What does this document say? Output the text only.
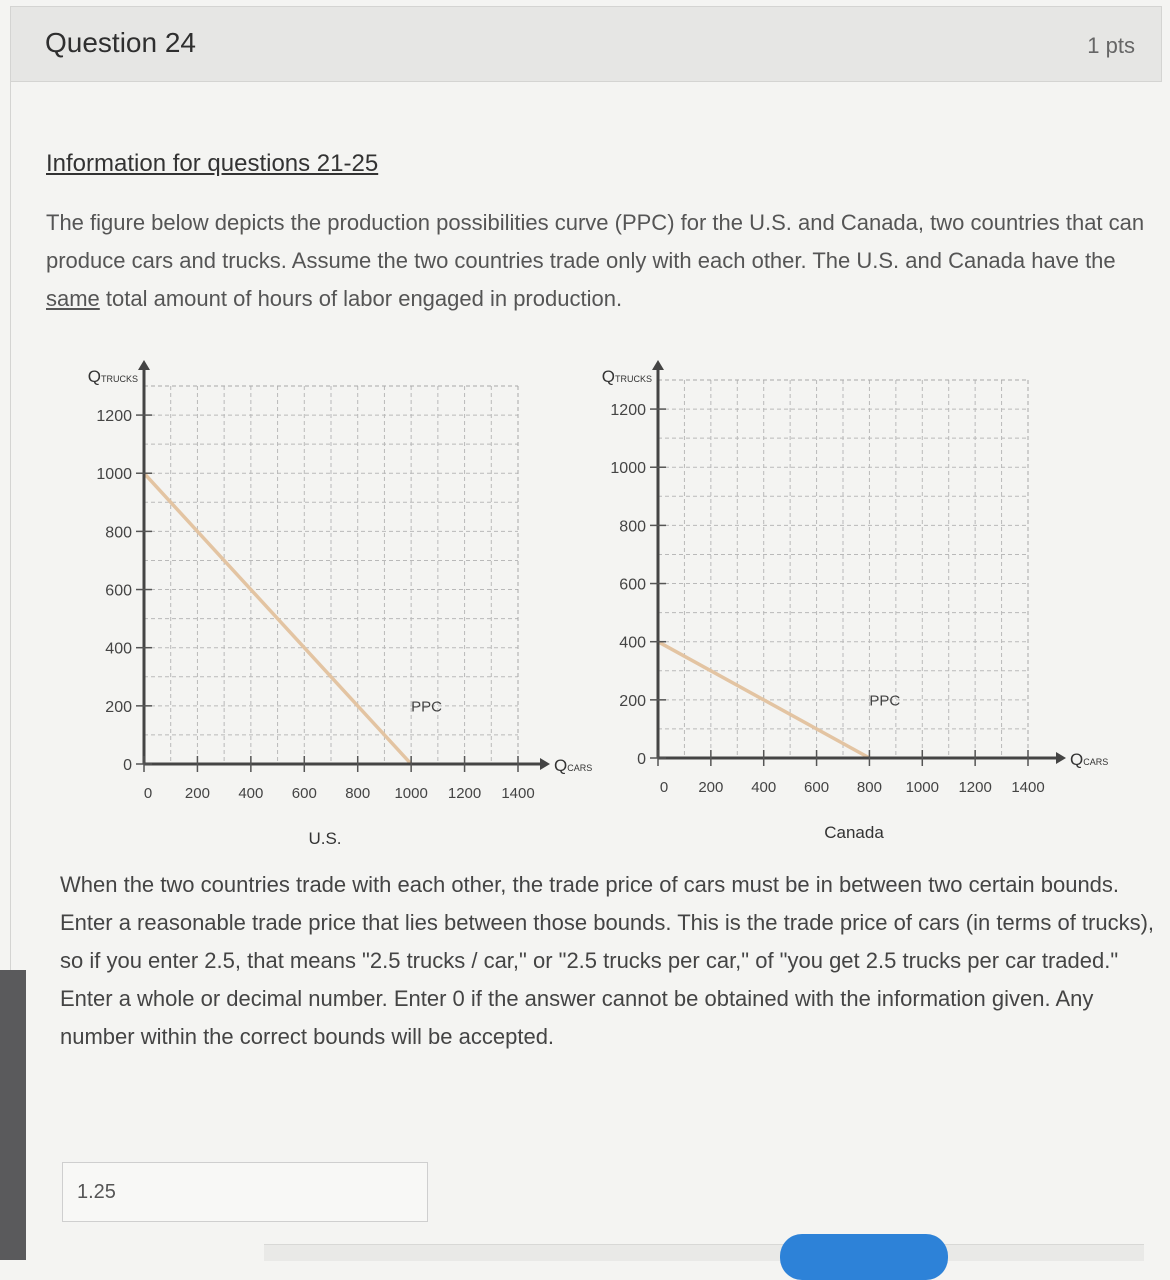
Question 24	1 pts
Information for questions 21-25
The figure below depicts the production possibilities curve (PPC) for the U.S. and Canada, two countries that can produce cars and trucks. Assume the two countries trade only with each other. The U.S. and Canada have the same total amount of hours of labor engaged in production.
0
200
400
600
800
1000
1200
0 200 400 600 800 1000 1200 1400
PPC
QTRUCKS
QCARS
U.S.
0
200
400
600
800
1000
1200
0 200 400 600 800 1000 1200 1400
PPC
QTRUCKS
QCARS
Canada
When the two countries trade with each other, the trade price of cars must be in between two certain bounds. Enter a reasonable trade price that lies between those bounds. This is the trade price of cars (in terms of trucks), so if you enter 2.5, that means "2.5 trucks / car," or "2.5 trucks per car," of "you get 2.5 trucks per car traded." Enter a whole or decimal number. Enter 0 if the answer cannot be obtained with the information given. Any number within the correct bounds will be accepted.
1.25
